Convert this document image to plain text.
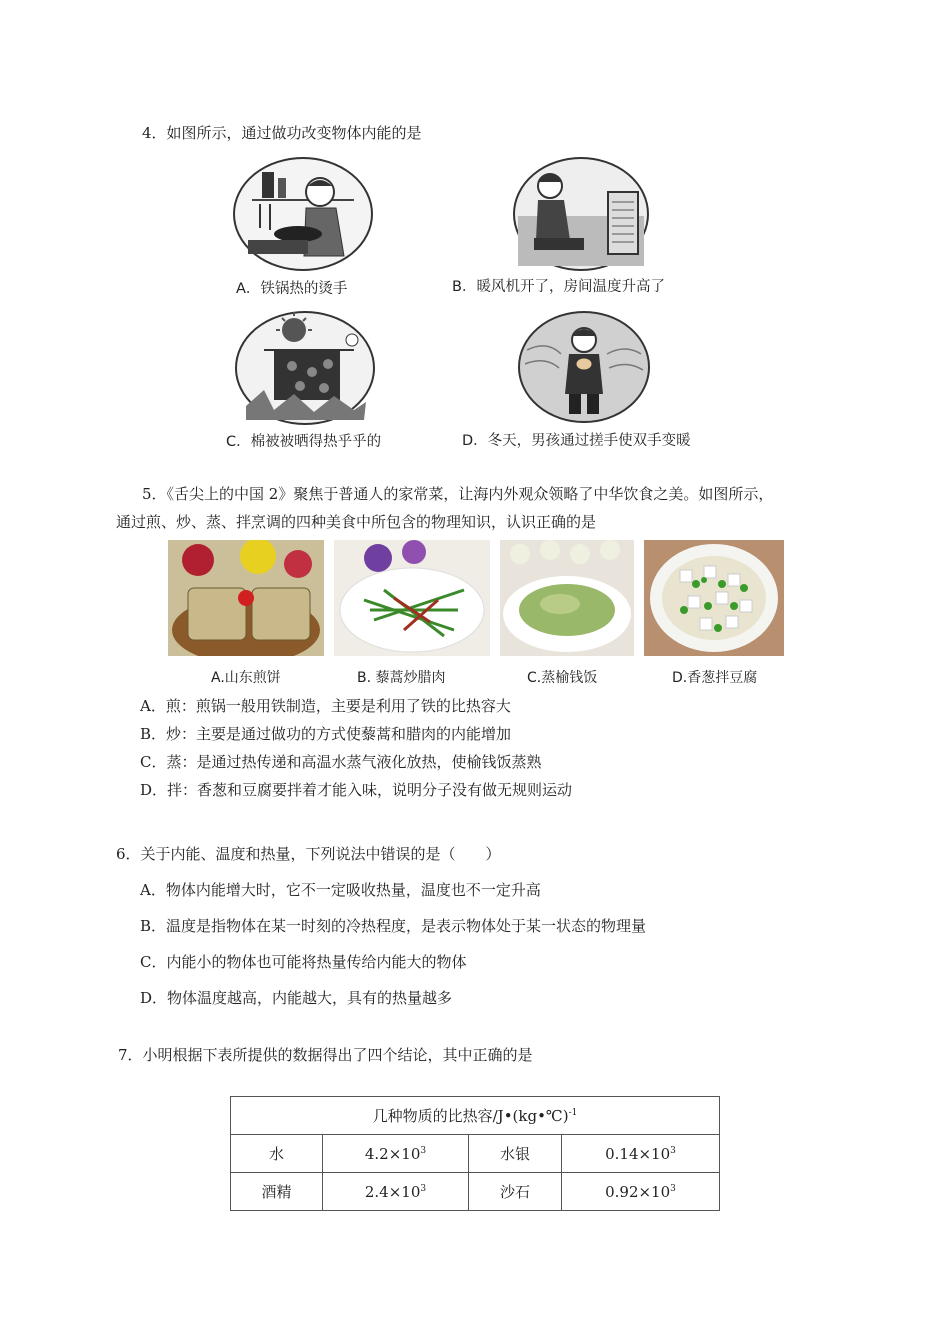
4．如图所示，通过做功改变物体内能的是
A．铁锅热的烫手	B．暖风机开了，房间温度升高了
C．棉被被晒得热乎乎的	D．冬天，男孩通过搓手使双手变暖
5．《舌尖上的中国 2》聚焦于普通人的家常菜，让海内外观众领略了中华饮食之美。如图所示，
通过煎、炒、蒸、拌烹调的四种美食中所包含的物理知识，认识正确的是
A.山东煎饼	B. 藜蒿炒腊肉	C.蒸榆钱饭	D.香葱拌豆腐
A．煎：煎锅一般用铁制造，主要是利用了铁的比热容大
B．炒：主要是通过做功的方式使藜蒿和腊肉的内能增加
C．蒸：是通过热传递和高温水蒸气液化放热，使榆钱饭蒸熟
D．拌：香葱和豆腐要拌着才能入味，说明分子没有做无规则运动
6．关于内能、温度和热量，下列说法中错误的是（　　）
A．物体内能增大时，它不一定吸收热量，温度也不一定升高
B．温度是指物体在某一时刻的冷热程度，是表示物体处于某一状态的物理量
C．内能小的物体也可能将热量传给内能大的物体
D．物体温度越高，内能越大，具有的热量越多
7．小明根据下表所提供的数据得出了四个结论，其中正确的是
几种物质的比热容/J•(kg•℃)$^{-1}$
水	$4.2\times 10^3$	水银	$0.14\times 10^3$
酒精	$2.4\times 10^3$	沙石	$0.92\times 10^3$
